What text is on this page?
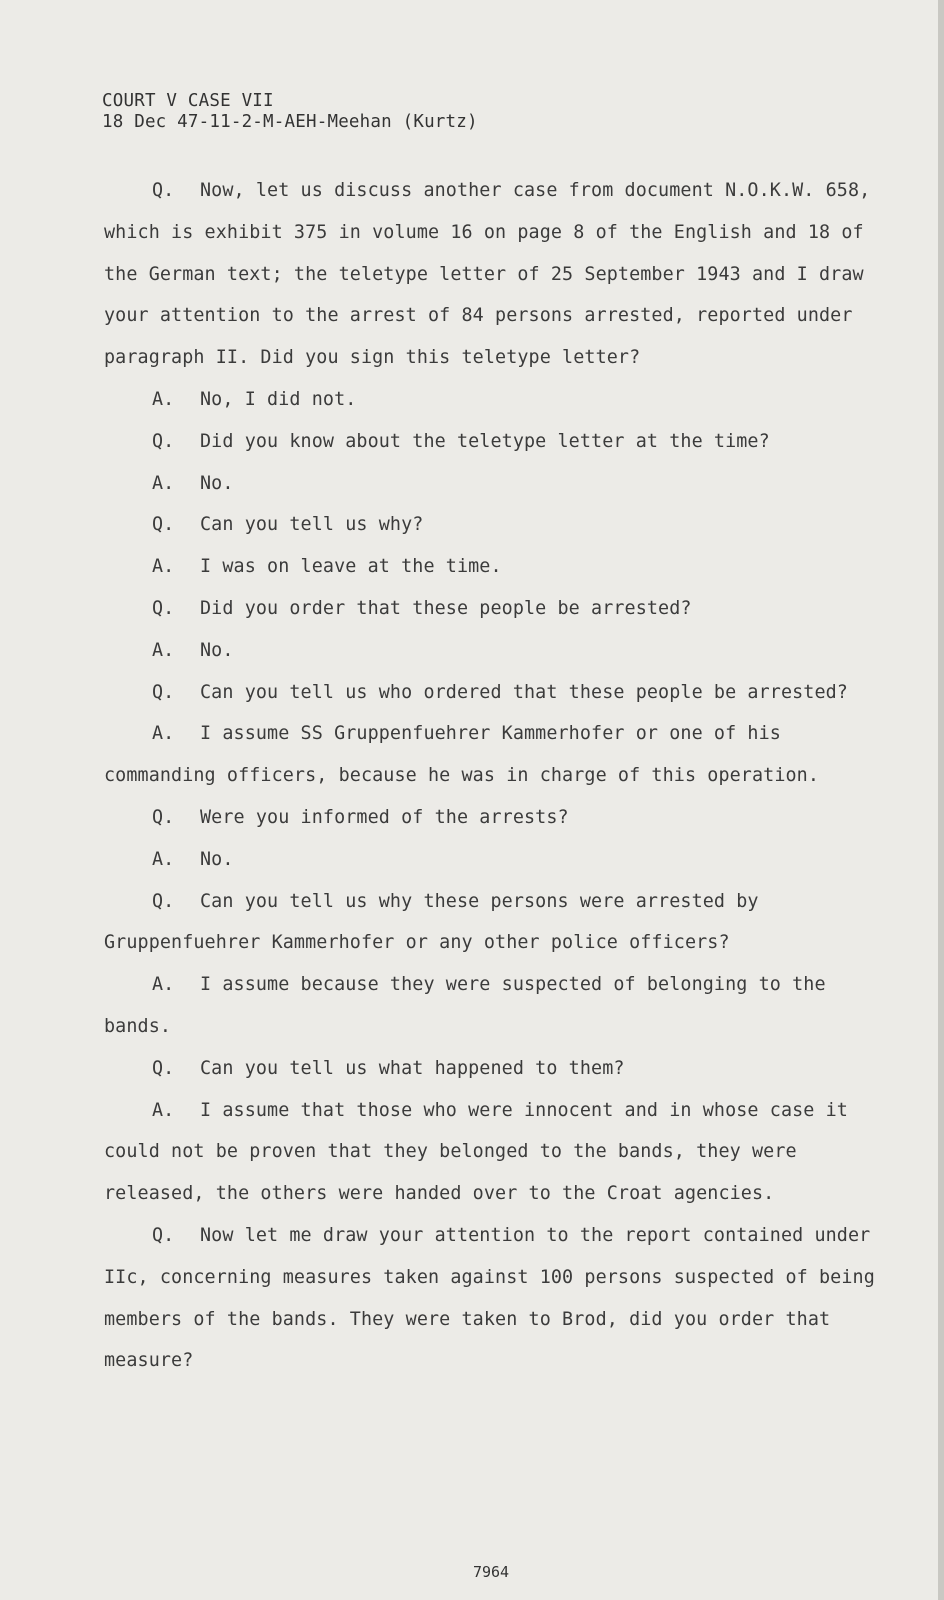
COURT V CASE VII
18 Dec 47-11-2-M-AEH-Meehan (Kurtz)

Q. Now, let us discuss another case from document N.O.K.W. 658, which is exhibit 375 in volume 16 on page 8 of the English and 18 of the German text; the teletype letter of 25 September 1943 and I draw your attention to the arrest of 84 persons arrested, reported under paragraph II. Did you sign this teletype letter?

A. No, I did not.

Q. Did you know about the teletype letter at the time?

A. No.

Q. Can you tell us why?

A. I was on leave at the time.

Q. Did you order that these people be arrested?

A. No.

Q. Can you tell us who ordered that these people be arrested?

A. I assume SS Gruppenfuehrer Kammerhofer or one of his commanding officers, because he was in charge of this operation.

Q. Were you informed of the arrests?

A. No.

Q. Can you tell us why these persons were arrested by Gruppenfuehrer Kammerhofer or any other police officers?

A. I assume because they were suspected of belonging to the bands.

Q. Can you tell us what happened to them?

A. I assume that those who were innocent and in whose case it could not be proven that they belonged to the bands, they were released, the others were handed over to the Croat agencies.

Q. Now let me draw your attention to the report contained under IIc, concerning measures taken against 100 persons suspected of being members of the bands. They were taken to Brod, did you order that measure?

7964
